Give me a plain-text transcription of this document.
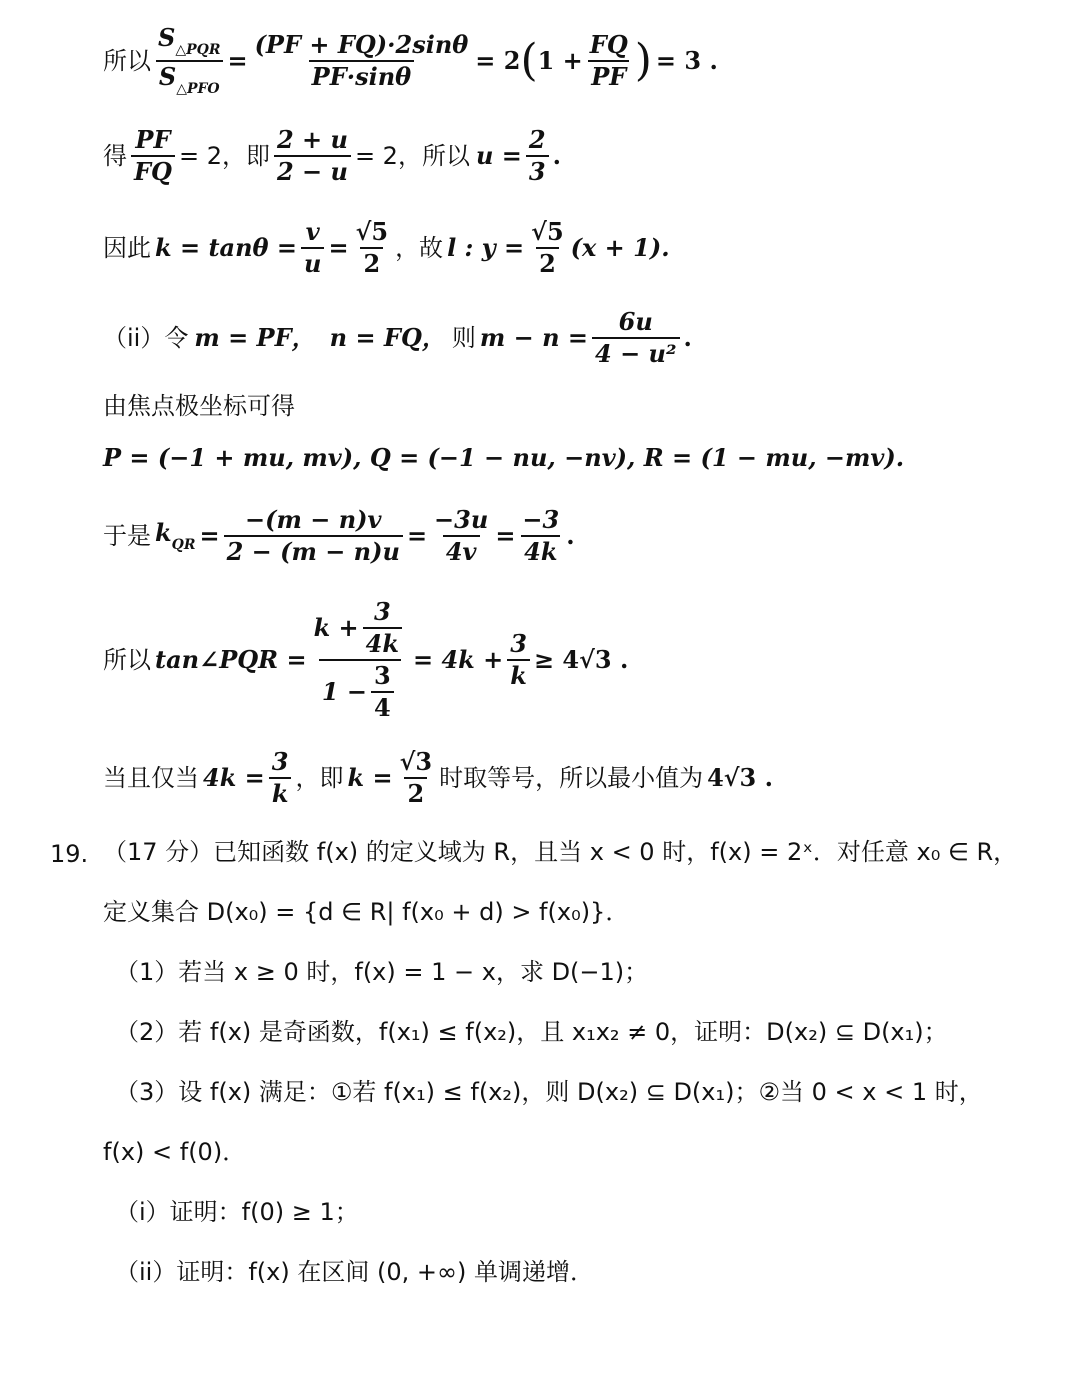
所以 $\frac{S_{\triangle PQR}}{S_{\triangle PFO}} = \frac{(PF + FQ)\cdot 2\sin\theta}{PF\cdot\sin\theta} = 2$ ( $1 + \frac{FQ}{PF}$ ) = 3 .
得 $\frac{PF}{FQ} = 2$，即 $\frac{2 + u}{2 - u} = 2$，所以 $u = \frac{2}{3}$ .
因此 $k = \tan\theta = \frac{v}{u} = \frac{√5}{2}$ ，故 l : $y = \frac{√5}{2} (x + 1)$.
（ii）令 m = PF， n = FQ， 则 $m - n = \frac{6u}{\text{4 − u²}}$ .
由焦点极坐标可得
P = (−1 + mu, mv), Q = (−1 − nu, −nv), R = (1 − mu, −mv).
于是 $k_{QR} = \frac{-(m - n)v}{2 - (m - n)u} = \frac{-3u}{4v} = \frac{-3}{4k}$ .
所以 tan∠PQR = $\frac{k + \frac{3}{4k}}{1 - \frac{3}{4}} = 4k + \frac{3}{k} \ge 4√3$ .
当且仅当 $4k = \frac{3}{k}$ ，即 $k = \frac{√3}{2}$ 时取等号，所以最小值为 4√3 .
19. （17 分）已知函数 f(x) 的定义域为 R，且当 x < 0 时，f(x) = 2ˣ．对任意 x₀ ∈ R，
定义集合 D(x₀) = {d ∈ R| f(x₀ + d) > f(x₀)}．
（1）若当 x ≥ 0 时，f(x) = 1 − x，求 D(−1)；
（2）若 f(x) 是奇函数，f(x₁) ≤ f(x₂)，且 x₁x₂ ≠ 0，证明：D(x₂) ⊆ D(x₁)；
（3）设 f(x) 满足：①若 f(x₁) ≤ f(x₂)，则 D(x₂) ⊆ D(x₁)；②当 0 < x < 1 时，
f(x) < f(0)．
（i）证明：f(0) ≥ 1；
（ii）证明：f(x) 在区间 (0, +∞) 单调递增．
